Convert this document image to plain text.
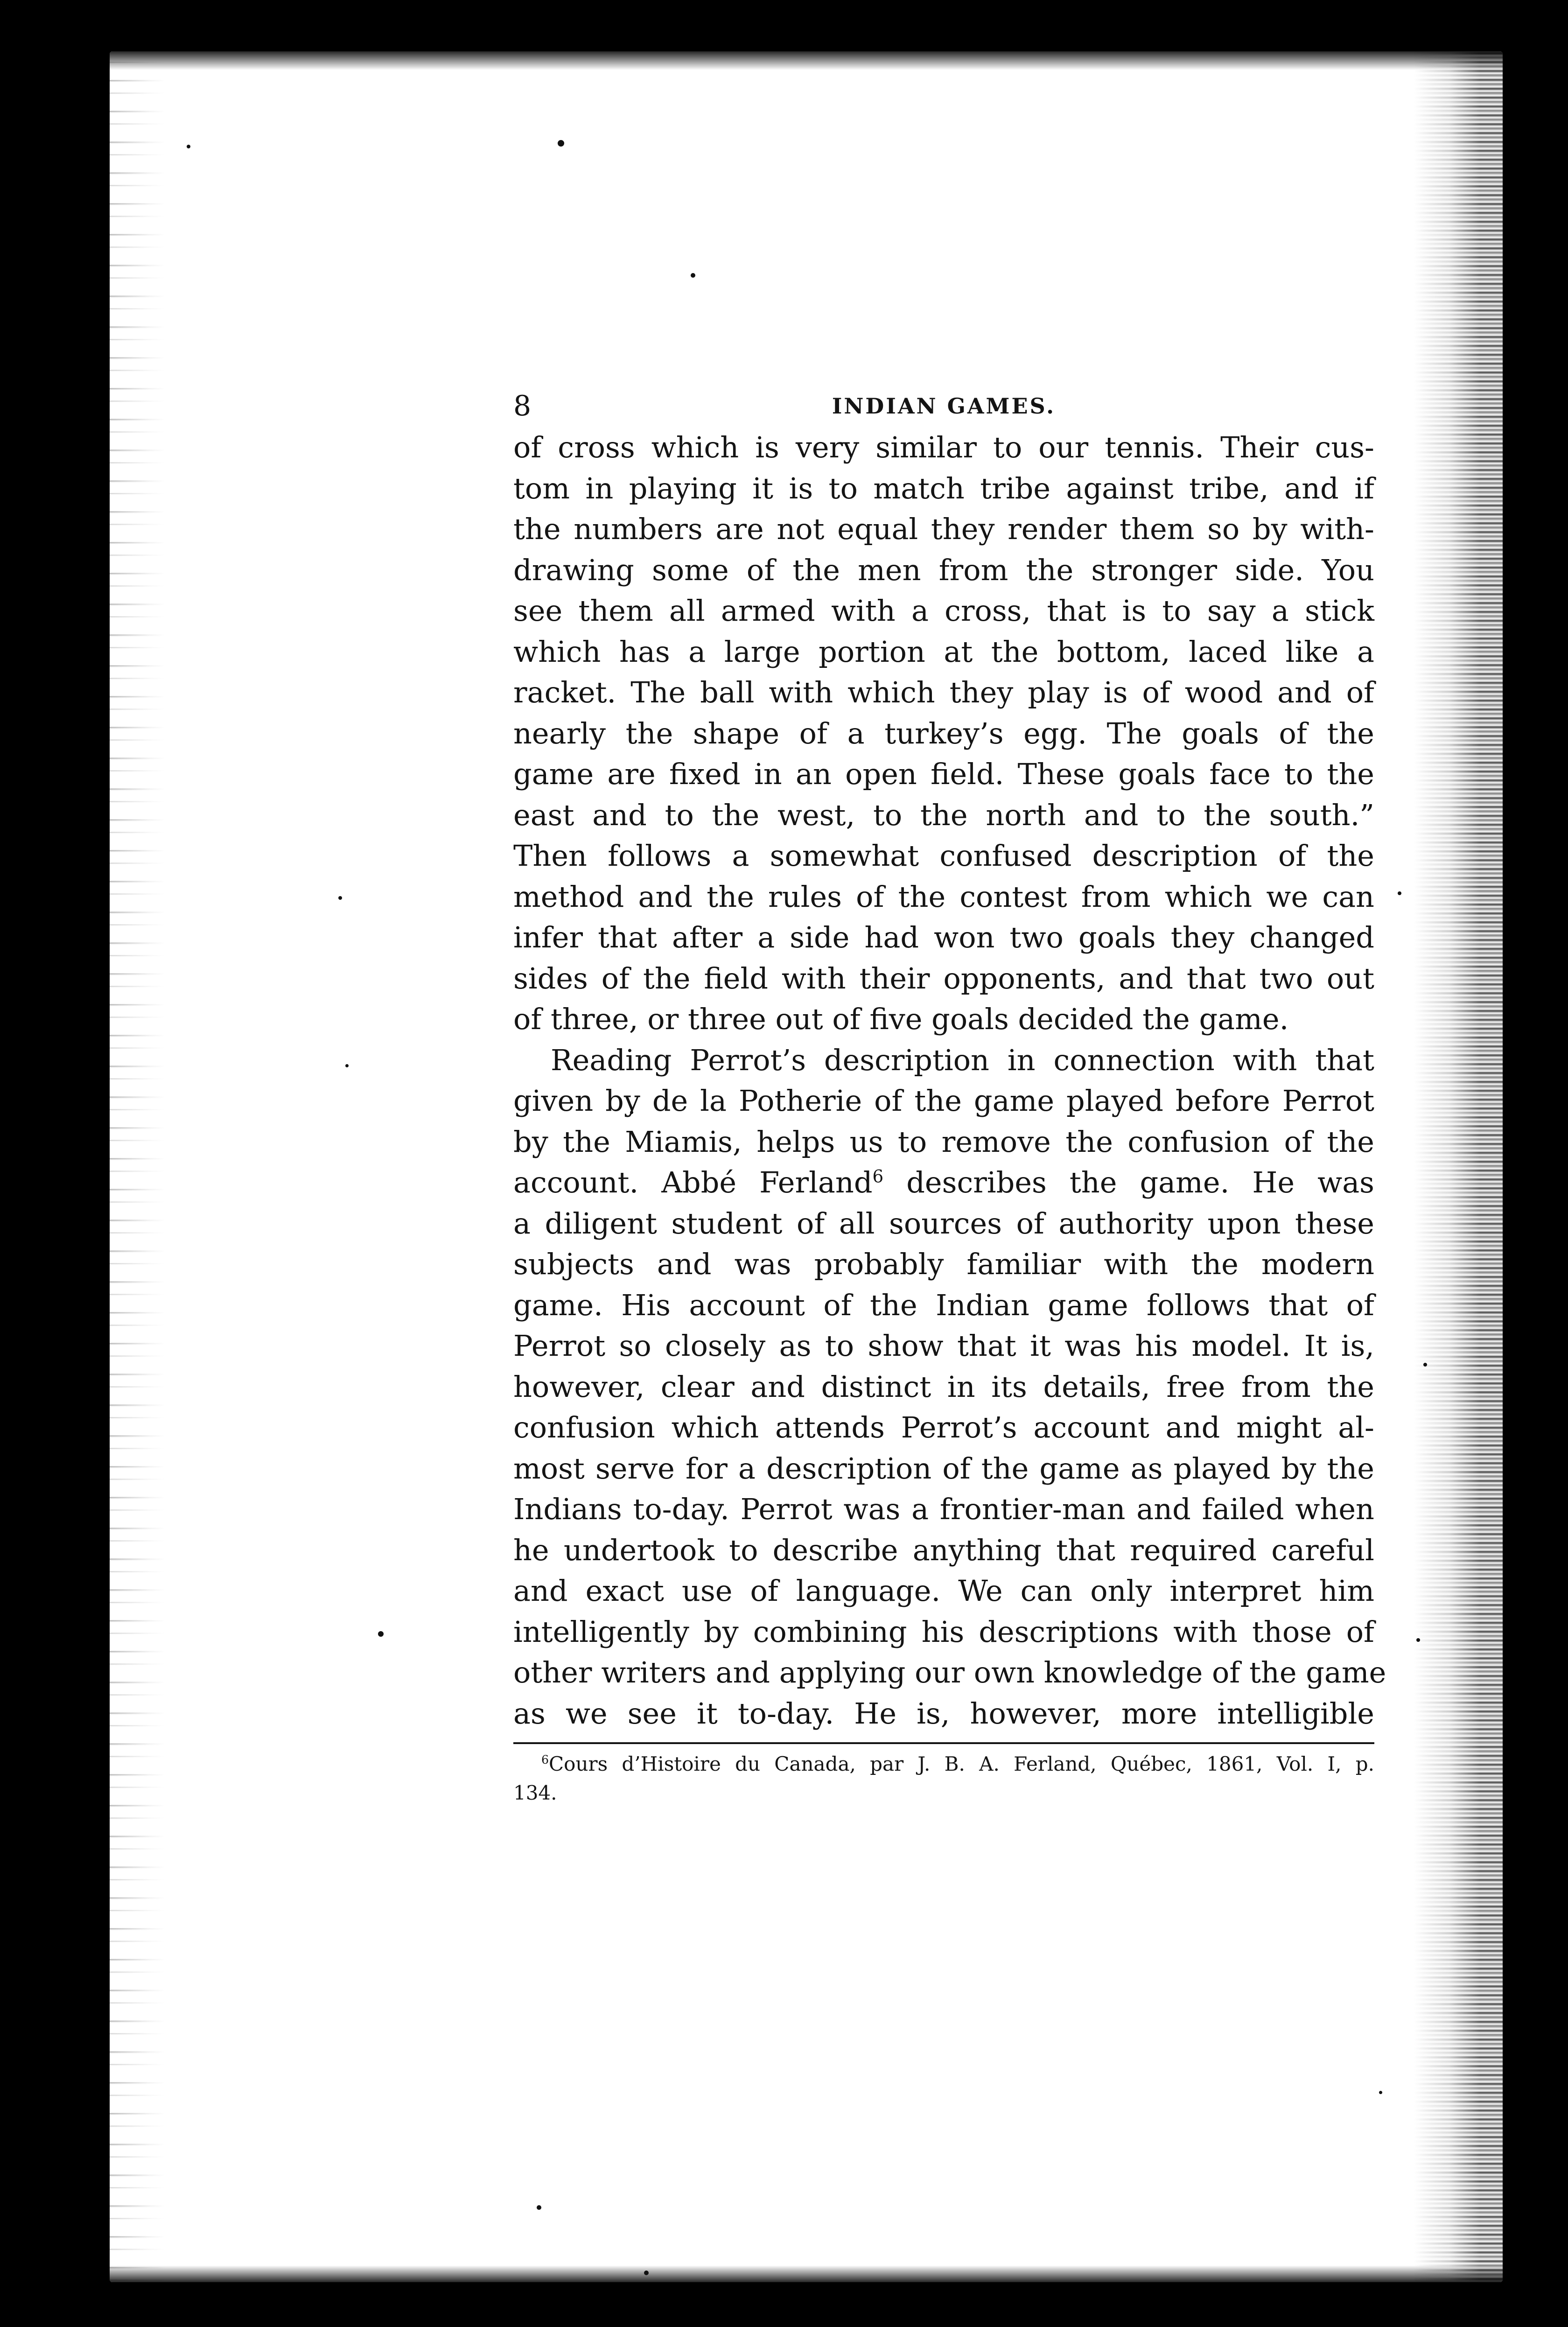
8	INDIAN GAMES.
of cross which is very similar to our tennis. Their cus-
tom in playing it is to match tribe against tribe, and if
the numbers are not equal they render them so by with-
drawing some of the men from the stronger side. You
see them all armed with a cross, that is to say a stick
which has a large portion at the bottom, laced like a
racket. The ball with which they play is of wood and of
nearly the shape of a turkey’s egg. The goals of the
game are fixed in an open field. These goals face to the
east and to the west, to the north and to the south.”
Then follows a somewhat confused description of the
method and the rules of the contest from which we can
infer that after a side had won two goals they changed
sides of the field with their opponents, and that two out
of three, or three out of five goals decided the game.
Reading Perrot’s description in connection with that
given by de la Potherie of the game played before Perrot
by the Miamis, helps us to remove the confusion of the
account. Abbé Ferland$^6$ describes the game. He was
a diligent student of all sources of authority upon these
subjects and was probably familiar with the modern
game. His account of the Indian game follows that of
Perrot so closely as to show that it was his model. It is,
however, clear and distinct in its details, free from the
confusion which attends Perrot’s account and might al-
most serve for a description of the game as played by the
Indians to-day. Perrot was a frontier-man and failed when
he undertook to describe anything that required careful
and exact use of language. We can only interpret him
intelligently by combining his descriptions with those of
other writers and applying our own knowledge of the game
as we see it to-day. He is, however, more intelligible
$^6$Cours d’Histoire du Canada, par J. B. A. Ferland, Québec, 1861, Vol. I, p.
134.
